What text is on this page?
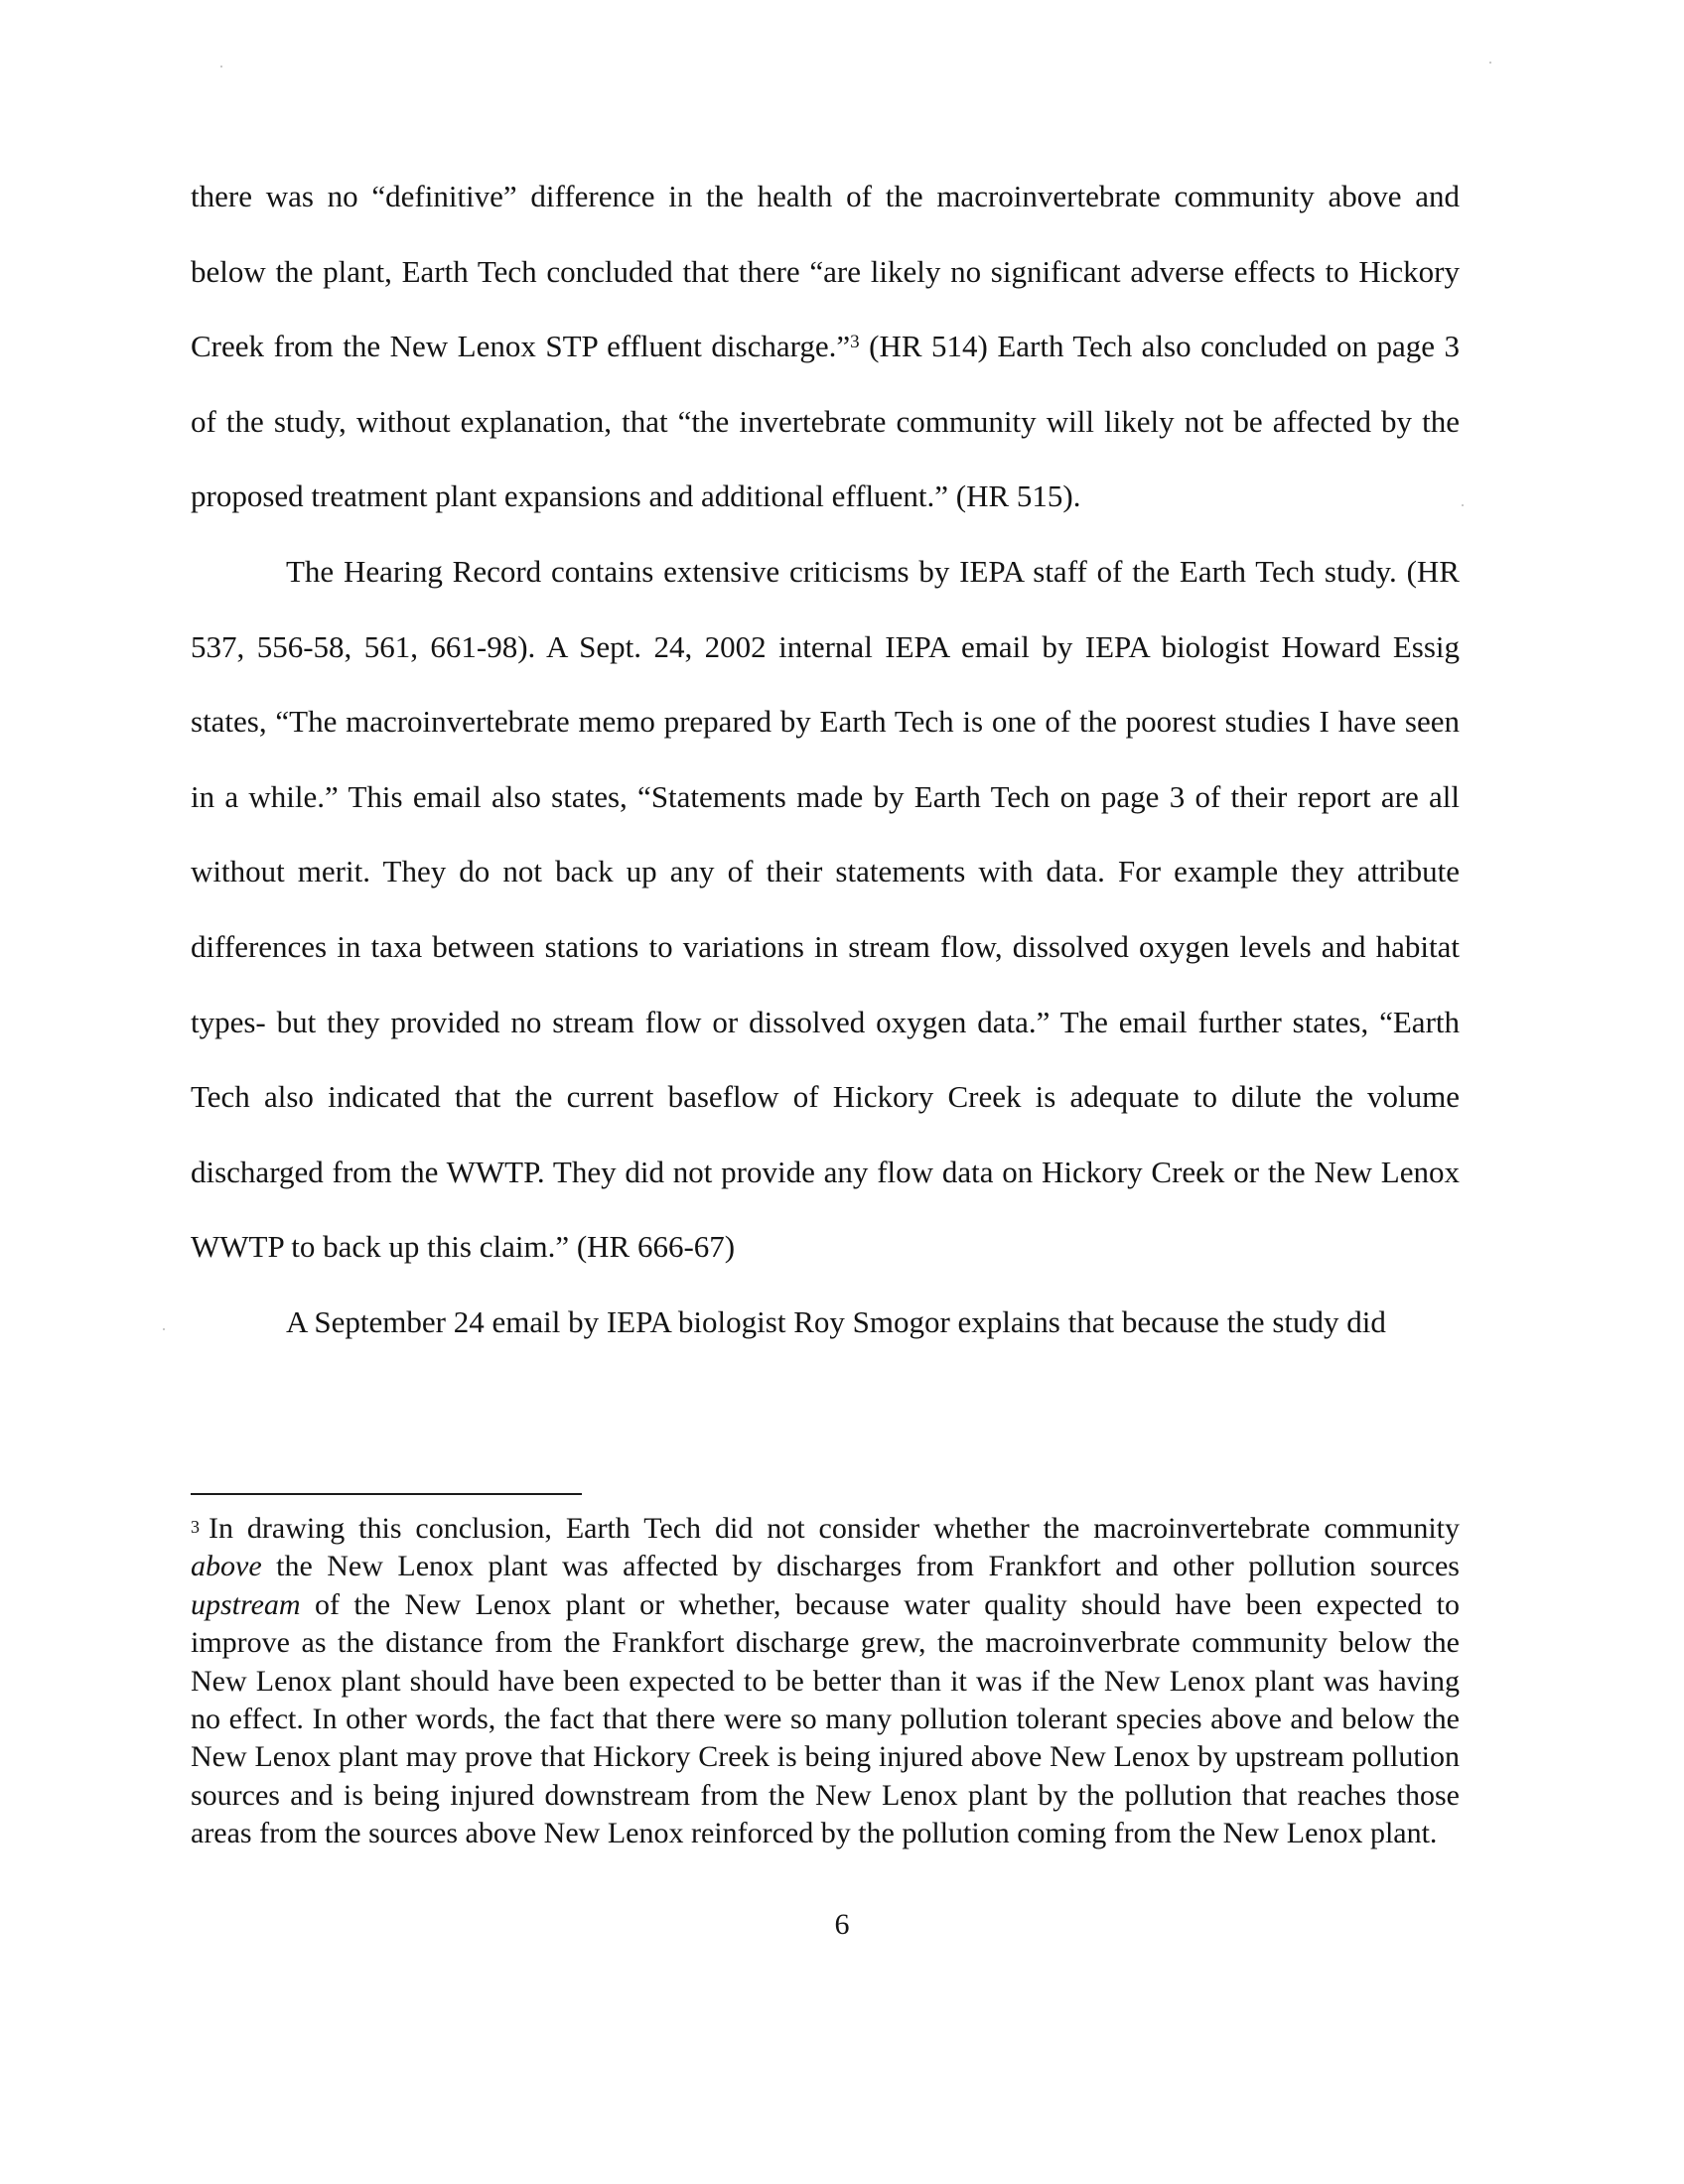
there was no “definitive” difference in the health of the macroinvertebrate community above and below the plant, Earth Tech concluded that there “are likely no significant adverse effects to Hickory Creek from the New Lenox STP effluent discharge.”$^3$ (HR 514) Earth Tech also concluded on page 3 of the study, without explanation, that “the invertebrate community will likely not be affected by the proposed treatment plant expansions and additional effluent.” (HR 515).

The Hearing Record contains extensive criticisms by IEPA staff of the Earth Tech study. (HR 537, 556-58, 561, 661-98). A Sept. 24, 2002 internal IEPA email by IEPA biologist Howard Essig states, “The macroinvertebrate memo prepared by Earth Tech is one of the poorest studies I have seen in a while.” This email also states, “Statements made by Earth Tech on page 3 of their report are all without merit. They do not back up any of their statements with data. For example they attribute differences in taxa between stations to variations in stream flow, dissolved oxygen levels and habitat types- but they provided no stream flow or dissolved oxygen data.” The email further states, “Earth Tech also indicated that the current baseflow of Hickory Creek is adequate to dilute the volume discharged from the WWTP. They did not provide any flow data on Hickory Creek or the New Lenox WWTP to back up this claim.” (HR 666-67)

A September 24 email by IEPA biologist Roy Smogor explains that because the study did

$^3$ In drawing this conclusion, Earth Tech did not consider whether the macroinvertebrate community above the New Lenox plant was affected by discharges from Frankfort and other pollution sources upstream of the New Lenox plant or whether, because water quality should have been expected to improve as the distance from the Frankfort discharge grew, the macroinverbrate community below the New Lenox plant should have been expected to be better than it was if the New Lenox plant was having no effect. In other words, the fact that there were so many pollution tolerant species above and below the New Lenox plant may prove that Hickory Creek is being injured above New Lenox by upstream pollution sources and is being injured downstream from the New Lenox plant by the pollution that reaches those areas from the sources above New Lenox reinforced by the pollution coming from the New Lenox plant.

6
